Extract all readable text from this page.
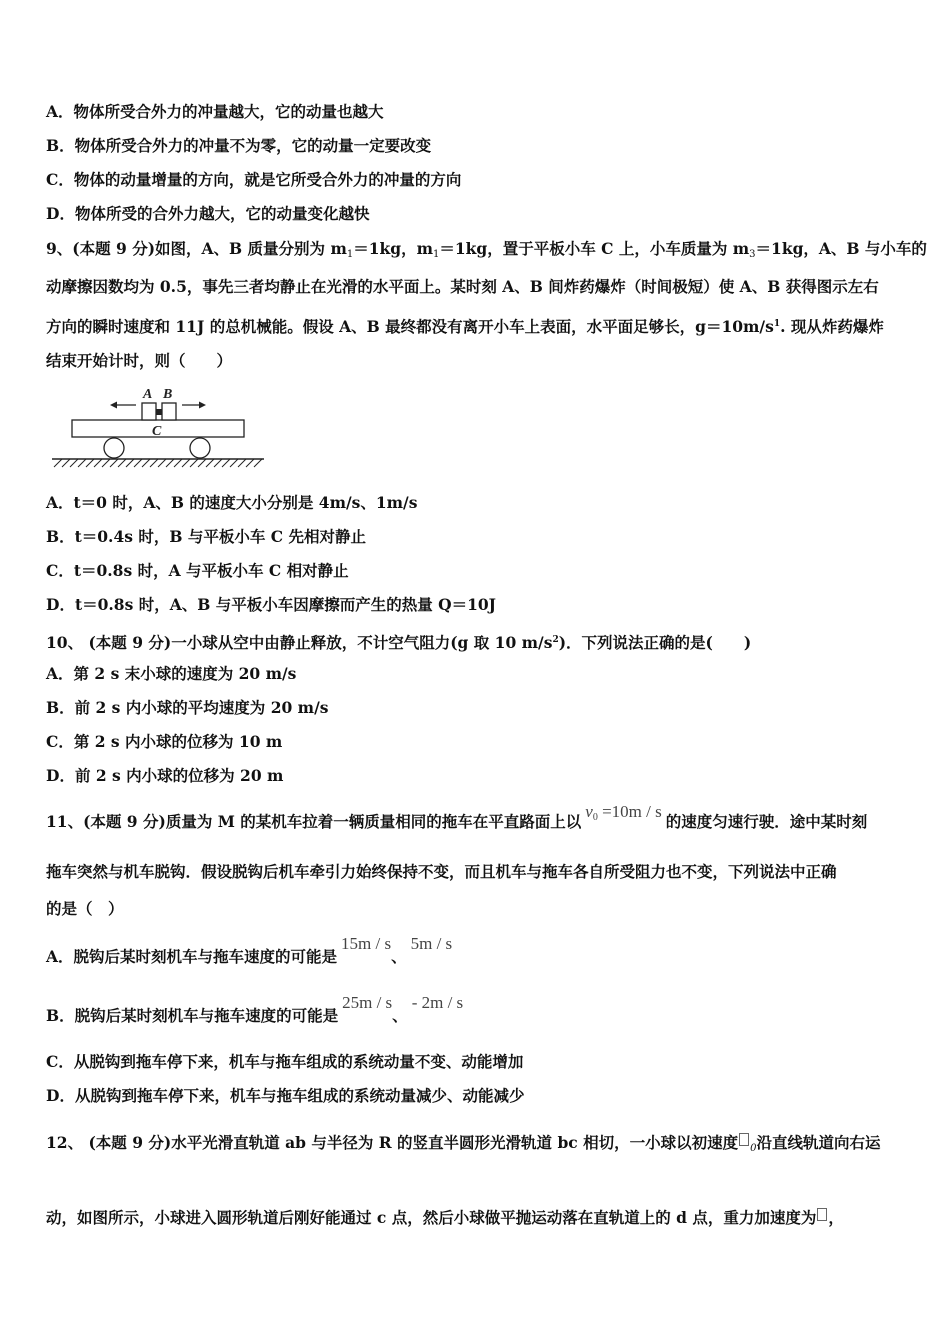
A．物体所受合外力的冲量越大，它的动量也越大
B．物体所受合外力的冲量不为零，它的动量一定要改变
C．物体的动量增量的方向，就是它所受合外力的冲量的方向
D．物体所受的合外力越大，它的动量变化越快
9、(本题 9 分)如图，A、B 质量分别为 $m_1=1kg$，$m_1=1kg$，置于平板小车 C 上，小车质量为 $m_3=1kg$，A、B 与小车的
动摩擦因数均为 0.5，事先三者均静止在光滑的水平面上。某时刻 A、B 间炸药爆炸（时间极短）使 A、B 获得图示左右
方向的瞬时速度和 11J 的总机械能。假设 A、B 最终都没有离开小车上表面，水平面足够长，$g=10m/s^1$. 现从炸药爆炸
结束开始计时，则（　　）
C
A B
A．t＝0 时，A、B 的速度大小分别是 4m/s、1m/s
B．t＝0.4s 时，B 与平板小车 C 先相对静止
C．t＝0.8s 时，A 与平板小车 C 相对静止
D．t＝0.8s 时，A、B 与平板小车因摩擦而产生的热量 Q＝10J
10、 (本题 9 分)一小球从空中由静止释放，不计空气阻力(g 取 10 $m/s^2$)．下列说法正确的是(　　)
A．第 2 s 末小球的速度为 20 m/s
B．前 2 s 内小球的平均速度为 20 m/s
C．第 2 s 内小球的位移为 10 m
D．前 2 s 内小球的位移为 20 m
11、(本题 9 分)质量为 M 的某机车拉着一辆质量相同的拖车在平直路面上以$v_0 =10m / s$的速度匀速行驶．途中某时刻
拖车突然与机车脱钩．假设脱钩后机车牵引力始终保持不变，而且机车与拖车各自所受阻力也不变，下列说法中正确
的是（　）
A．脱钩后某时刻机车与拖车速度的可能是15m / s、5m / s
B．脱钩后某时刻机车与拖车速度的可能是25m / s、- 2m / s
C．从脱钩到拖车停下来，机车与拖车组成的系统动量不变、动能增加
D．从脱钩到拖车停下来，机车与拖车组成的系统动量减少、动能减少
12、 (本题 9 分)水平光滑直轨道 ab 与半径为 R 的竖直半圆形光滑轨道 bc 相切，一小球以初速度 $_0$沿直线轨道向右运
动，如图所示，小球进入圆形轨道后刚好能通过 c 点，然后小球做平抛运动落在直轨道上的 d 点，重力加速度为 ，
